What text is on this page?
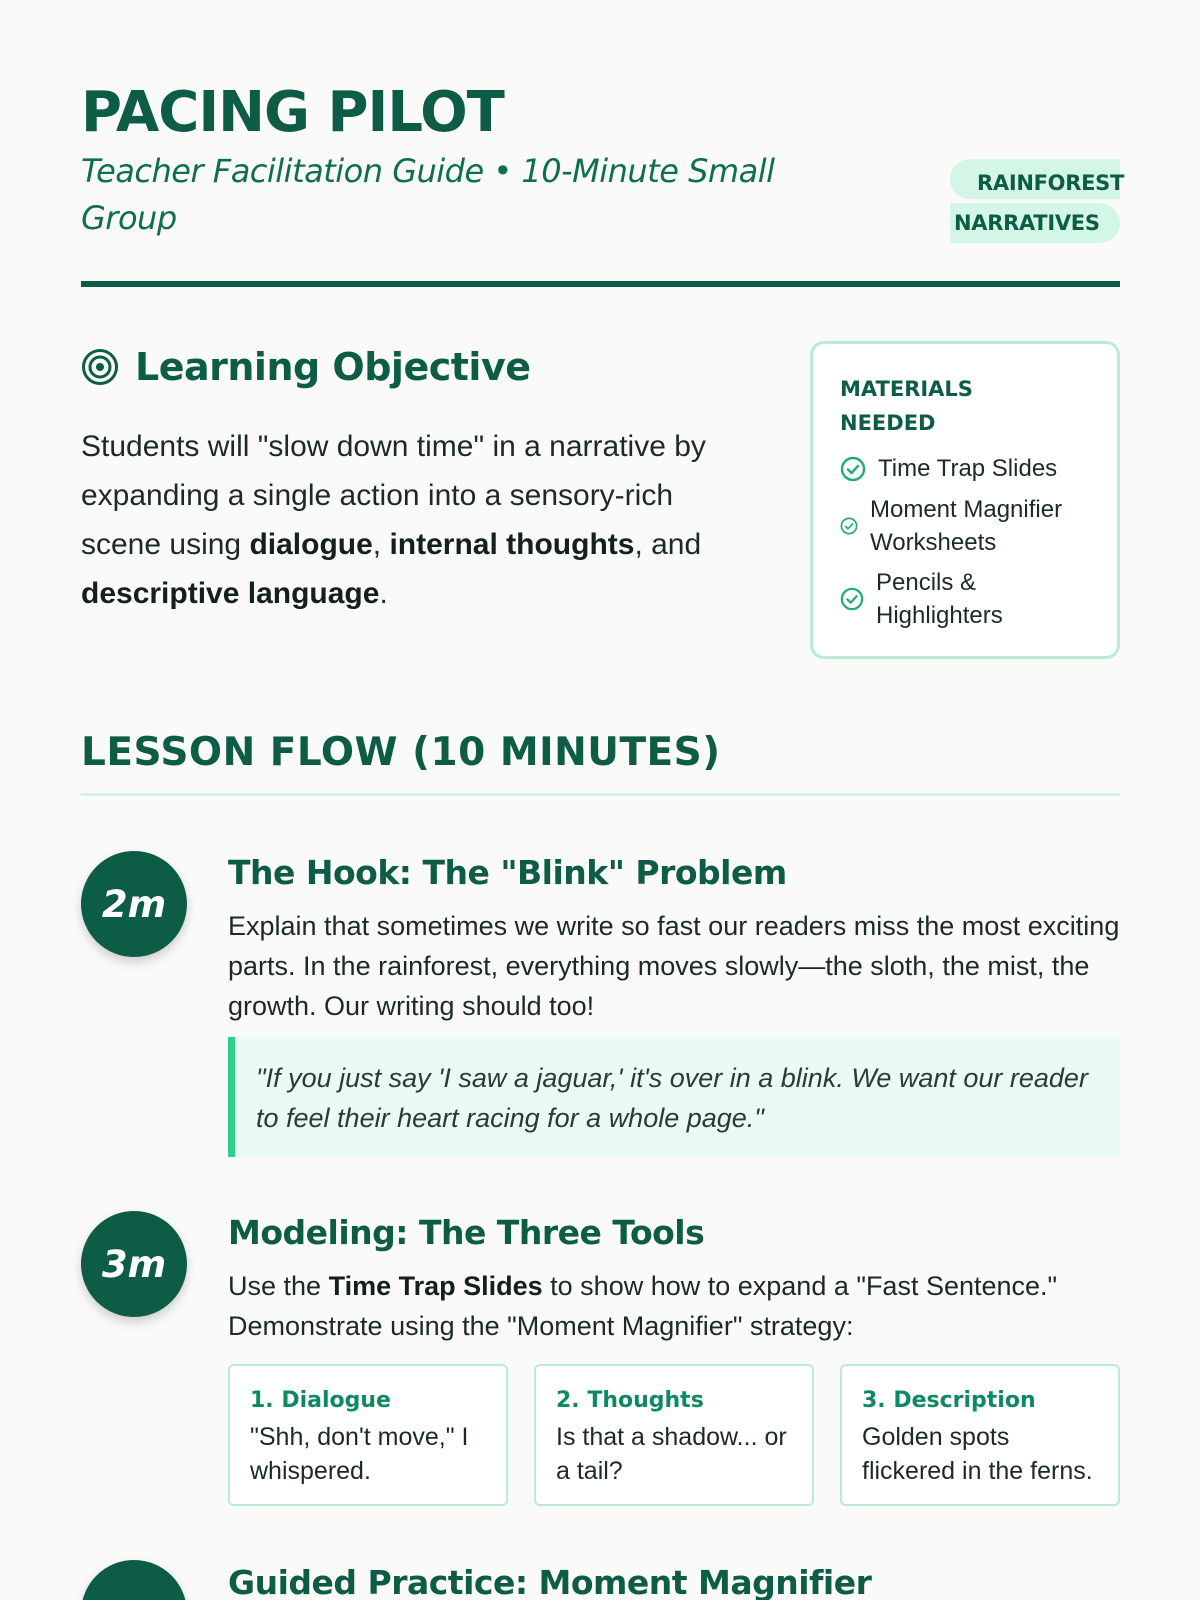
PACING PILOT
Teacher Facilitation Guide • 10-Minute Small Group
RAINFOREST
NARRATIVES
Learning Objective

Students will "slow down time" in a narrative by expanding a single action into a sensory-rich scene using dialogue, internal thoughts, and descriptive language.

MATERIALS NEEDED
Time Trap Slides
Moment Magnifier Worksheets
Pencils & Highlighters
LESSON FLOW (10 MINUTES)
2m
The Hook: The "Blink" Problem

Explain that sometimes we write so fast our readers miss the most exciting parts. In the rainforest, everything moves slowly—the sloth, the mist, the growth. Our writing should too!

"If you just say 'I saw a jaguar,' it's over in a blink. We want our reader to feel their heart racing for a whole page."

3m
Modeling: The Three Tools

Use the Time Trap Slides to show how to expand a "Fast Sentence." Demonstrate using the "Moment Magnifier" strategy:

1. Dialogue
"Shh, don't move," I whispered.
2. Thoughts
Is that a shadow... or a tail?
3. Description
Golden spots flickered in the ferns.
Guided Practice: Moment Magnifier
